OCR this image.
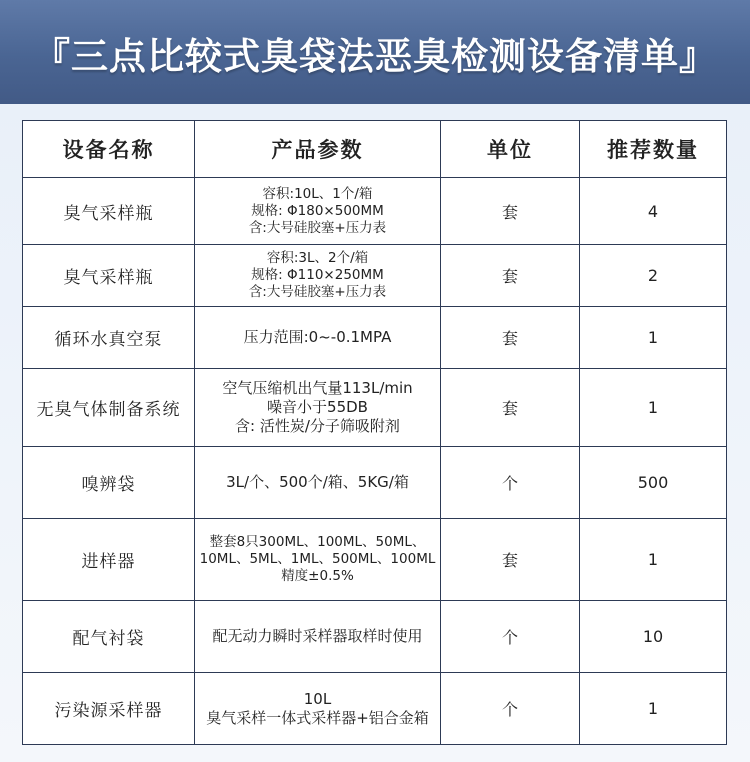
『三点比较式臭袋法恶臭检测设备清单』
设备名称	产品参数	单位	推荐数量
臭气采样瓶	容积:10L、1个/箱
规格: Φ180×500MM
含:大号硅胶塞+压力表	套	4
臭气采样瓶	容积:3L、2个/箱
规格: Φ110×250MM
含:大号硅胶塞+压力表	套	2
循环水真空泵	压力范围:0~-0.1MPA	套	1
无臭气体制备系统	空气压缩机出气量113L/min
噪音小于55DB
含: 活性炭/分子筛吸附剂	套	1
嗅辨袋	3L/个、500个/箱、5KG/箱	个	500
进样器	整套8只300ML、100ML、50ML、
10ML、5ML、1ML、500ML、100ML
精度±0.5%	套	1
配气衬袋	配无动力瞬时采样器取样时使用	个	10
污染源采样器	10L
臭气采样一体式采样器+铝合金箱	个	1
